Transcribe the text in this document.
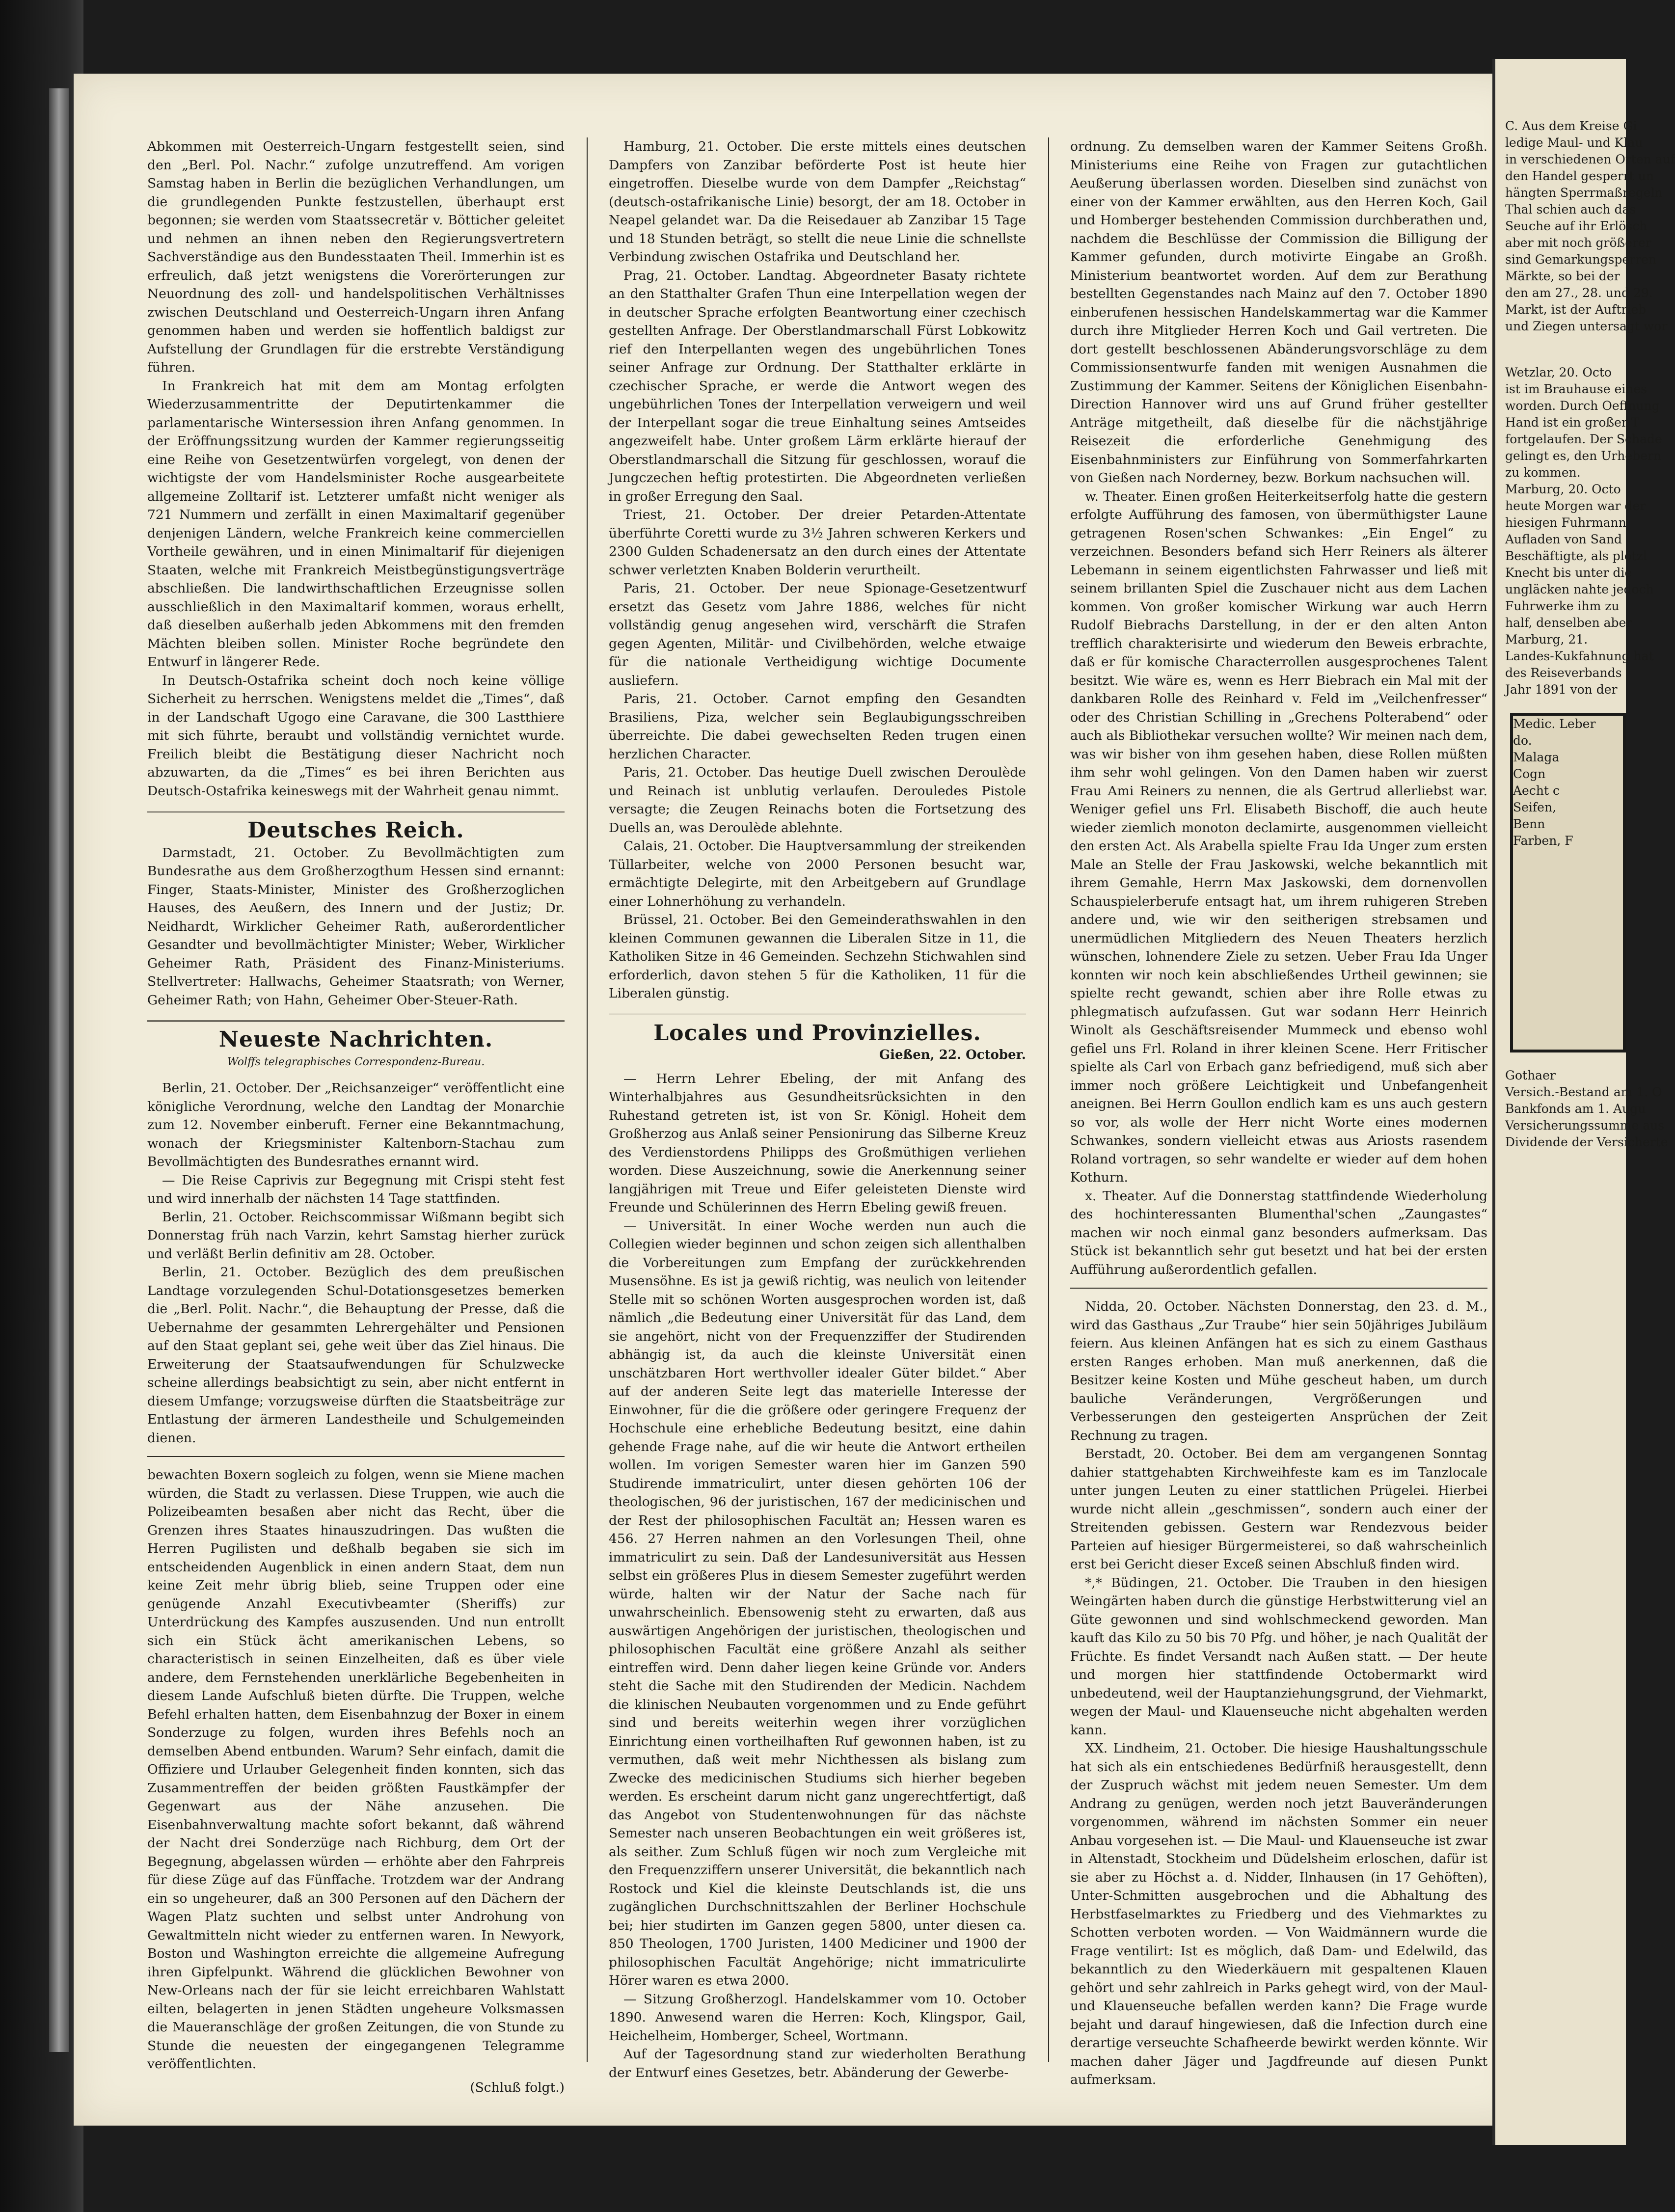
Abkommen mit Oesterreich-Ungarn festgestellt seien, sind den „Berl. Pol. Nachr.“ zufolge unzutreffend. Am vorigen Samstag haben in Berlin die bezüglichen Verhandlungen, um die grundlegenden Punkte festzustellen, überhaupt erst begonnen; sie werden vom Staatssecretär v. Bötticher geleitet und nehmen an ihnen neben den Regierungsvertretern Sachverständige aus den Bundesstaaten Theil. Immerhin ist es erfreulich, daß jetzt wenigstens die Vorerörterungen zur Neuordnung des zoll- und handelspolitischen Verhältnisses zwischen Deutschland und Oesterreich-Ungarn ihren Anfang genommen haben und werden sie hoffentlich baldigst zur Aufstellung der Grundlagen für die erstrebte Verständigung führen.

In Frankreich hat mit dem am Montag erfolgten Wiederzusammentritte der Deputirtenkammer die parlamentarische Wintersession ihren Anfang genommen. In der Eröffnungssitzung wurden der Kammer regierungsseitig eine Reihe von Gesetzentwürfen vorgelegt, von denen der wichtigste der vom Handelsminister Roche ausgearbeitete allgemeine Zolltarif ist. Letzterer umfaßt nicht weniger als 721 Nummern und zerfällt in einen Maximaltarif gegenüber denjenigen Ländern, welche Frankreich keine commerciellen Vortheile gewähren, und in einen Minimaltarif für diejenigen Staaten, welche mit Frankreich Meistbegünstigungsverträge abschließen. Die landwirthschaftlichen Erzeugnisse sollen ausschließlich in den Maximaltarif kommen, woraus erhellt, daß dieselben außerhalb jeden Abkommens mit den fremden Mächten bleiben sollen. Minister Roche begründete den Entwurf in längerer Rede.

In Deutsch-Ostafrika scheint doch noch keine völlige Sicherheit zu herrschen. Wenigstens meldet die „Times“, daß in der Landschaft Ugogo eine Caravane, die 300 Lastthiere mit sich führte, beraubt und vollständig vernichtet wurde. Freilich bleibt die Bestätigung dieser Nachricht noch abzuwarten, da die „Times“ es bei ihren Berichten aus Deutsch-Ostafrika keineswegs mit der Wahrheit genau nimmt.

Deutsches Reich.

Darmstadt, 21. October. Zu Bevollmächtigten zum Bundesrathe aus dem Großherzogthum Hessen sind ernannt: Finger, Staats-Minister, Minister des Großherzoglichen Hauses, des Aeußern, des Innern und der Justiz; Dr. Neidhardt, Wirklicher Geheimer Rath, außerordentlicher Gesandter und bevollmächtigter Minister; Weber, Wirklicher Geheimer Rath, Präsident des Finanz-Ministeriums. Stellvertreter: Hallwachs, Geheimer Staatsrath; von Werner, Geheimer Rath; von Hahn, Geheimer Ober-Steuer-Rath.

Neueste Nachrichten.
Wolffs telegraphisches Correspondenz-Bureau.

Berlin, 21. October. Der „Reichsanzeiger“ veröffentlicht eine königliche Verordnung, welche den Landtag der Monarchie zum 12. November einberuft. Ferner eine Bekanntmachung, wonach der Kriegsminister Kaltenborn-Stachau zum Bevollmächtigten des Bundesrathes ernannt wird.

— Die Reise Caprivis zur Begegnung mit Crispi steht fest und wird innerhalb der nächsten 14 Tage stattfinden.

Berlin, 21. October. Reichscommissar Wißmann begibt sich Donnerstag früh nach Varzin, kehrt Samstag hierher zurück und verläßt Berlin definitiv am 28. October.

Berlin, 21. October. Bezüglich des dem preußischen Landtage vorzulegenden Schul-Dotationsgesetzes bemerken die „Berl. Polit. Nachr.“, die Behauptung der Presse, daß die Uebernahme der gesammten Lehrergehälter und Pensionen auf den Staat geplant sei, gehe weit über das Ziel hinaus. Die Erweiterung der Staatsaufwendungen für Schulzwecke scheine allerdings beabsichtigt zu sein, aber nicht entfernt in diesem Umfange; vorzugsweise dürften die Staatsbeiträge zur Entlastung der ärmeren Landestheile und Schulgemeinden dienen.

bewachten Boxern sogleich zu folgen, wenn sie Miene machen würden, die Stadt zu verlassen. Diese Truppen, wie auch die Polizeibeamten besaßen aber nicht das Recht, über die Grenzen ihres Staates hinauszudringen. Das wußten die Herren Pugilisten und deßhalb begaben sie sich im entscheidenden Augenblick in einen andern Staat, dem nun keine Zeit mehr übrig blieb, seine Truppen oder eine genügende Anzahl Executivbeamter (Sheriffs) zur Unterdrückung des Kampfes auszusenden. Und nun entrollt sich ein Stück ächt amerikanischen Lebens, so characteristisch in seinen Einzelheiten, daß es über viele andere, dem Fernstehenden unerklärliche Begebenheiten in diesem Lande Aufschluß bieten dürfte. Die Truppen, welche Befehl erhalten hatten, dem Eisenbahnzug der Boxer in einem Sonderzuge zu folgen, wurden ihres Befehls noch an demselben Abend entbunden. Warum? Sehr einfach, damit die Offiziere und Urlauber Gelegenheit finden konnten, sich das Zusammentreffen der beiden größten Faustkämpfer der Gegenwart aus der Nähe anzusehen. Die Eisenbahnverwaltung machte sofort bekannt, daß während der Nacht drei Sonderzüge nach Richburg, dem Ort der Begegnung, abgelassen würden — erhöhte aber den Fahrpreis für diese Züge auf das Fünffache. Trotzdem war der Andrang ein so ungeheurer, daß an 300 Personen auf den Dächern der Wagen Platz suchten und selbst unter Androhung von Gewaltmitteln nicht wieder zu entfernen waren. In Newyork, Boston und Washington erreichte die allgemeine Aufregung ihren Gipfelpunkt. Während die glücklichen Bewohner von New-Orleans nach der für sie leicht erreichbaren Wahlstatt eilten, belagerten in jenen Städten ungeheure Volksmassen die Maueranschläge der großen Zeitungen, die von Stunde zu Stunde die neuesten der eingegangenen Telegramme veröffentlichten.

(Schluß folgt.)

Hamburg, 21. October. Die erste mittels eines deutschen Dampfers von Zanzibar beförderte Post ist heute hier eingetroffen. Dieselbe wurde von dem Dampfer „Reichstag“ (deutsch-ostafrikanische Linie) besorgt, der am 18. October in Neapel gelandet war. Da die Reisedauer ab Zanzibar 15 Tage und 18 Stunden beträgt, so stellt die neue Linie die schnellste Verbindung zwischen Ostafrika und Deutschland her.

Prag, 21. October. Landtag. Abgeordneter Basaty richtete an den Statthalter Grafen Thun eine Interpellation wegen der in deutscher Sprache erfolgten Beantwortung einer czechisch gestellten Anfrage. Der Oberstlandmarschall Fürst Lobkowitz rief den Interpellanten wegen des ungebührlichen Tones seiner Anfrage zur Ordnung. Der Statthalter erklärte in czechischer Sprache, er werde die Antwort wegen des ungebührlichen Tones der Interpellation verweigern und weil der Interpellant sogar die treue Einhaltung seines Amtseides angezweifelt habe. Unter großem Lärm erklärte hierauf der Oberstlandmarschall die Sitzung für geschlossen, worauf die Jungczechen heftig protestirten. Die Abgeordneten verließen in großer Erregung den Saal.

Triest, 21. October. Der dreier Petarden-Attentate überführte Coretti wurde zu 3½ Jahren schweren Kerkers und 2300 Gulden Schadenersatz an den durch eines der Attentate schwer verletzten Knaben Bolderin verurtheilt.

Paris, 21. October. Der neue Spionage-Gesetzentwurf ersetzt das Gesetz vom Jahre 1886, welches für nicht vollständig genug angesehen wird, verschärft die Strafen gegen Agenten, Militär- und Civilbehörden, welche etwaige für die nationale Vertheidigung wichtige Documente ausliefern.

Paris, 21. October. Carnot empfing den Gesandten Brasiliens, Piza, welcher sein Beglaubigungsschreiben überreichte. Die dabei gewechselten Reden trugen einen herzlichen Character.

Paris, 21. October. Das heutige Duell zwischen Deroulède und Reinach ist unblutig verlaufen. Derouledes Pistole versagte; die Zeugen Reinachs boten die Fortsetzung des Duells an, was Deroulède ablehnte.

Calais, 21. October. Die Hauptversammlung der streikenden Tüllarbeiter, welche von 2000 Personen besucht war, ermächtigte Delegirte, mit den Arbeitgebern auf Grundlage einer Lohnerhöhung zu verhandeln.

Brüssel, 21. October. Bei den Gemeinderathswahlen in den kleinen Communen gewannen die Liberalen Sitze in 11, die Katholiken Sitze in 46 Gemeinden. Sechzehn Stichwahlen sind erforderlich, davon stehen 5 für die Katholiken, 11 für die Liberalen günstig.

Locales und Provinzielles.
Gießen, 22. October.

— Herrn Lehrer Ebeling, der mit Anfang des Winterhalbjahres aus Gesundheitsrücksichten in den Ruhestand getreten ist, ist von Sr. Königl. Hoheit dem Großherzog aus Anlaß seiner Pensionirung das Silberne Kreuz des Verdienstordens Philipps des Großmüthigen verliehen worden. Diese Auszeichnung, sowie die Anerkennung seiner langjährigen mit Treue und Eifer geleisteten Dienste wird Freunde und Schülerinnen des Herrn Ebeling gewiß freuen.

— Universität. In einer Woche werden nun auch die Collegien wieder beginnen und schon zeigen sich allenthalben die Vorbereitungen zum Empfang der zurückkehrenden Musensöhne. Es ist ja gewiß richtig, was neulich von leitender Stelle mit so schönen Worten ausgesprochen worden ist, daß nämlich „die Bedeutung einer Universität für das Land, dem sie angehört, nicht von der Frequenzziffer der Studirenden abhängig ist, da auch die kleinste Universität einen unschätzbaren Hort werthvoller idealer Güter bildet.“ Aber auf der anderen Seite legt das materielle Interesse der Einwohner, für die die größere oder geringere Frequenz der Hochschule eine erhebliche Bedeutung besitzt, eine dahin gehende Frage nahe, auf die wir heute die Antwort ertheilen wollen. Im vorigen Semester waren hier im Ganzen 590 Studirende immatriculirt, unter diesen gehörten 106 der theologischen, 96 der juristischen, 167 der medicinischen und der Rest der philosophischen Facultät an; Hessen waren es 456. 27 Herren nahmen an den Vorlesungen Theil, ohne immatriculirt zu sein. Daß der Landesuniversität aus Hessen selbst ein größeres Plus in diesem Semester zugeführt werden würde, halten wir der Natur der Sache nach für unwahrscheinlich. Ebensowenig steht zu erwarten, daß aus auswärtigen Angehörigen der juristischen, theologischen und philosophischen Facultät eine größere Anzahl als seither eintreffen wird. Denn daher liegen keine Gründe vor. Anders steht die Sache mit den Studirenden der Medicin. Nachdem die klinischen Neubauten vorgenommen und zu Ende geführt sind und bereits weiterhin wegen ihrer vorzüglichen Einrichtung einen vortheilhaften Ruf gewonnen haben, ist zu vermuthen, daß weit mehr Nichthessen als bislang zum Zwecke des medicinischen Studiums sich hierher begeben werden. Es erscheint darum nicht ganz ungerechtfertigt, daß das Angebot von Studentenwohnungen für das nächste Semester nach unseren Beobachtungen ein weit größeres ist, als seither. Zum Schluß fügen wir noch zum Vergleiche mit den Frequenzziffern unserer Universität, die bekanntlich nach Rostock und Kiel die kleinste Deutschlands ist, die uns zugänglichen Durchschnittszahlen der Berliner Hochschule bei; hier studirten im Ganzen gegen 5800, unter diesen ca. 850 Theologen, 1700 Juristen, 1400 Mediciner und 1900 der philosophischen Facultät Angehörige; nicht immatriculirte Hörer waren es etwa 2000.

— Sitzung Großherzogl. Handelskammer vom 10. October 1890. Anwesend waren die Herren: Koch, Klingspor, Gail, Heichelheim, Homberger, Scheel, Wortmann.

Auf der Tagesordnung stand zur wiederholten Berathung der Entwurf eines Gesetzes, betr. Abänderung der Gewerbe-

ordnung. Zu demselben waren der Kammer Seitens Großh. Ministeriums eine Reihe von Fragen zur gutachtlichen Aeußerung überlassen worden. Dieselben sind zunächst von einer von der Kammer erwählten, aus den Herren Koch, Gail und Homberger bestehenden Commission durchberathen und, nachdem die Beschlüsse der Commission die Billigung der Kammer gefunden, durch motivirte Eingabe an Großh. Ministerium beantwortet worden. Auf dem zur Berathung bestellten Gegenstandes nach Mainz auf den 7. October 1890 einberufenen hessischen Handelskammertag war die Kammer durch ihre Mitglieder Herren Koch und Gail vertreten. Die dort gestellt beschlossenen Abänderungsvorschläge zu dem Commissionsentwurfe fanden mit wenigen Ausnahmen die Zustimmung der Kammer. Seitens der Königlichen Eisenbahn-Direction Hannover wird uns auf Grund früher gestellter Anträge mitgetheilt, daß dieselbe für die nächstjährige Reisezeit die erforderliche Genehmigung des Eisenbahnministers zur Einführung von Sommerfahrkarten von Gießen nach Norderney, bezw. Borkum nachsuchen will.

w. Theater. Einen großen Heiterkeitserfolg hatte die gestern erfolgte Aufführung des famosen, von übermüthigster Laune getragenen Rosen'schen Schwankes: „Ein Engel“ zu verzeichnen. Besonders befand sich Herr Reiners als älterer Lebemann in seinem eigentlichsten Fahrwasser und ließ mit seinem brillanten Spiel die Zuschauer nicht aus dem Lachen kommen. Von großer komischer Wirkung war auch Herrn Rudolf Biebrachs Darstellung, in der er den alten Anton trefflich charakterisirte und wiederum den Beweis erbrachte, daß er für komische Characterrollen ausgesprochenes Talent besitzt. Wie wäre es, wenn es Herr Biebrach ein Mal mit der dankbaren Rolle des Reinhard v. Feld im „Veilchenfresser“ oder des Christian Schilling in „Grechens Polterabend“ oder auch als Bibliothekar versuchen wollte? Wir meinen nach dem, was wir bisher von ihm gesehen haben, diese Rollen müßten ihm sehr wohl gelingen. Von den Damen haben wir zuerst Frau Ami Reiners zu nennen, die als Gertrud allerliebst war. Weniger gefiel uns Frl. Elisabeth Bischoff, die auch heute wieder ziemlich monoton declamirte, ausgenommen vielleicht den ersten Act. Als Arabella spielte Frau Ida Unger zum ersten Male an Stelle der Frau Jaskowski, welche bekanntlich mit ihrem Gemahle, Herrn Max Jaskowski, dem dornenvollen Schauspielerberufe entsagt hat, um ihrem ruhigeren Streben andere und, wie wir den seitherigen strebsamen und unermüdlichen Mitgliedern des Neuen Theaters herzlich wünschen, lohnendere Ziele zu setzen. Ueber Frau Ida Unger konnten wir noch kein abschließendes Urtheil gewinnen; sie spielte recht gewandt, schien aber ihre Rolle etwas zu phlegmatisch aufzufassen. Gut war sodann Herr Heinrich Winolt als Geschäftsreisender Mummeck und ebenso wohl gefiel uns Frl. Roland in ihrer kleinen Scene. Herr Fritischer spielte als Carl von Erbach ganz befriedigend, muß sich aber immer noch größere Leichtigkeit und Unbefangenheit aneignen. Bei Herrn Goullon endlich kam es uns auch gestern so vor, als wolle der Herr nicht Worte eines modernen Schwankes, sondern vielleicht etwas aus Ariosts rasendem Roland vortragen, so sehr wandelte er wieder auf dem hohen Kothurn.

x. Theater. Auf die Donnerstag stattfindende Wiederholung des hochinteressanten Blumenthal'schen „Zaungastes“ machen wir noch einmal ganz besonders aufmerksam. Das Stück ist bekanntlich sehr gut besetzt und hat bei der ersten Aufführung außerordentlich gefallen.

Nidda, 20. October. Nächsten Donnerstag, den 23. d. M., wird das Gasthaus „Zur Traube“ hier sein 50jähriges Jubiläum feiern. Aus kleinen Anfängen hat es sich zu einem Gasthaus ersten Ranges erhoben. Man muß anerkennen, daß die Besitzer keine Kosten und Mühe gescheut haben, um durch bauliche Veränderungen, Vergrößerungen und Verbesserungen den gesteigerten Ansprüchen der Zeit Rechnung zu tragen.

Berstadt, 20. October. Bei dem am vergangenen Sonntag dahier stattgehabten Kirchweihfeste kam es im Tanzlocale unter jungen Leuten zu einer stattlichen Prügelei. Hierbei wurde nicht allein „geschmissen“, sondern auch einer der Streitenden gebissen. Gestern war Rendezvous beider Parteien auf hiesiger Bürgermeisterei, so daß wahrscheinlich erst bei Gericht dieser Exceß seinen Abschluß finden wird.

*,* Büdingen, 21. October. Die Trauben in den hiesigen Weingärten haben durch die günstige Herbstwitterung viel an Güte gewonnen und sind wohlschmeckend geworden. Man kauft das Kilo zu 50 bis 70 Pfg. und höher, je nach Qualität der Früchte. Es findet Versandt nach Außen statt. — Der heute und morgen hier stattfindende Octobermarkt wird unbedeutend, weil der Hauptanziehungsgrund, der Viehmarkt, wegen der Maul- und Klauenseuche nicht abgehalten werden kann.

XX. Lindheim, 21. October. Die hiesige Haushaltungsschule hat sich als ein entschiedenes Bedürfniß herausgestellt, denn der Zuspruch wächst mit jedem neuen Semester. Um dem Andrang zu genügen, werden noch jetzt Bauveränderungen vorgenommen, während im nächsten Sommer ein neuer Anbau vorgesehen ist. — Die Maul- und Klauenseuche ist zwar in Altenstadt, Stockheim und Düdelsheim erloschen, dafür ist sie aber zu Höchst a. d. Nidder, Ilnhausen (in 17 Gehöften), Unter-Schmitten ausgebrochen und die Abhaltung des Herbstfaselmarktes zu Friedberg und des Viehmarktes zu Schotten verboten worden. — Von Waidmännern wurde die Frage ventilirt: Ist es möglich, daß Dam- und Edelwild, das bekanntlich zu den Wiederkäuern mit gespaltenen Klauen gehört und sehr zahlreich in Parks gehegt wird, von der Maul- und Klauenseuche befallen werden kann? Die Frage wurde bejaht und darauf hingewiesen, daß die Infection durch eine derartige verseuchte Schafheerde bewirkt werden könnte. Wir machen daher Jäger und Jagdfreunde auf diesen Punkt aufmerksam.

C. Aus dem Kreise Gi

ledige Maul- und Klau

in verschiedenen Orten auf

den Handel gesperrt un

hängten Sperrmaßregeln

Thal schien auch das

Seuche auf ihr Erlösch

aber mit noch größerer

sind Gemarkungsperren

Märkte, so bei der

den am 27., 28. und 29.

Markt, ist der Auftrieb

und Ziegen untersagt wor

Wetzlar, 20. Octo

ist im Brauhause eines

worden. Durch Oeffnung

Hand ist ein großer T

fortgelaufen. Der Schade

gelingt es, den Urhebern

zu kommen.

Marburg, 20. Octo

heute Morgen war der

hiesigen Fuhrmann

Aufladen von Sand

Beschäftigte, als plötzl

Knecht bis unter die

ungläcken nahte jedoch

Fuhrwerke ihm zu

half, denselben aber

Marburg, 21.

Landes-Kukfahnung hat

des Reiseverbands

Jahr 1891 von der

Medic. Leber

do.

Malaga

Cogn

Aecht c

Seifen,

Benn

Farben, F

Gothaer

Versich.-Bestand am 1. O

Bankfonds am 1. Augu

Versicherungssumme aus

Dividende der Versicherte
